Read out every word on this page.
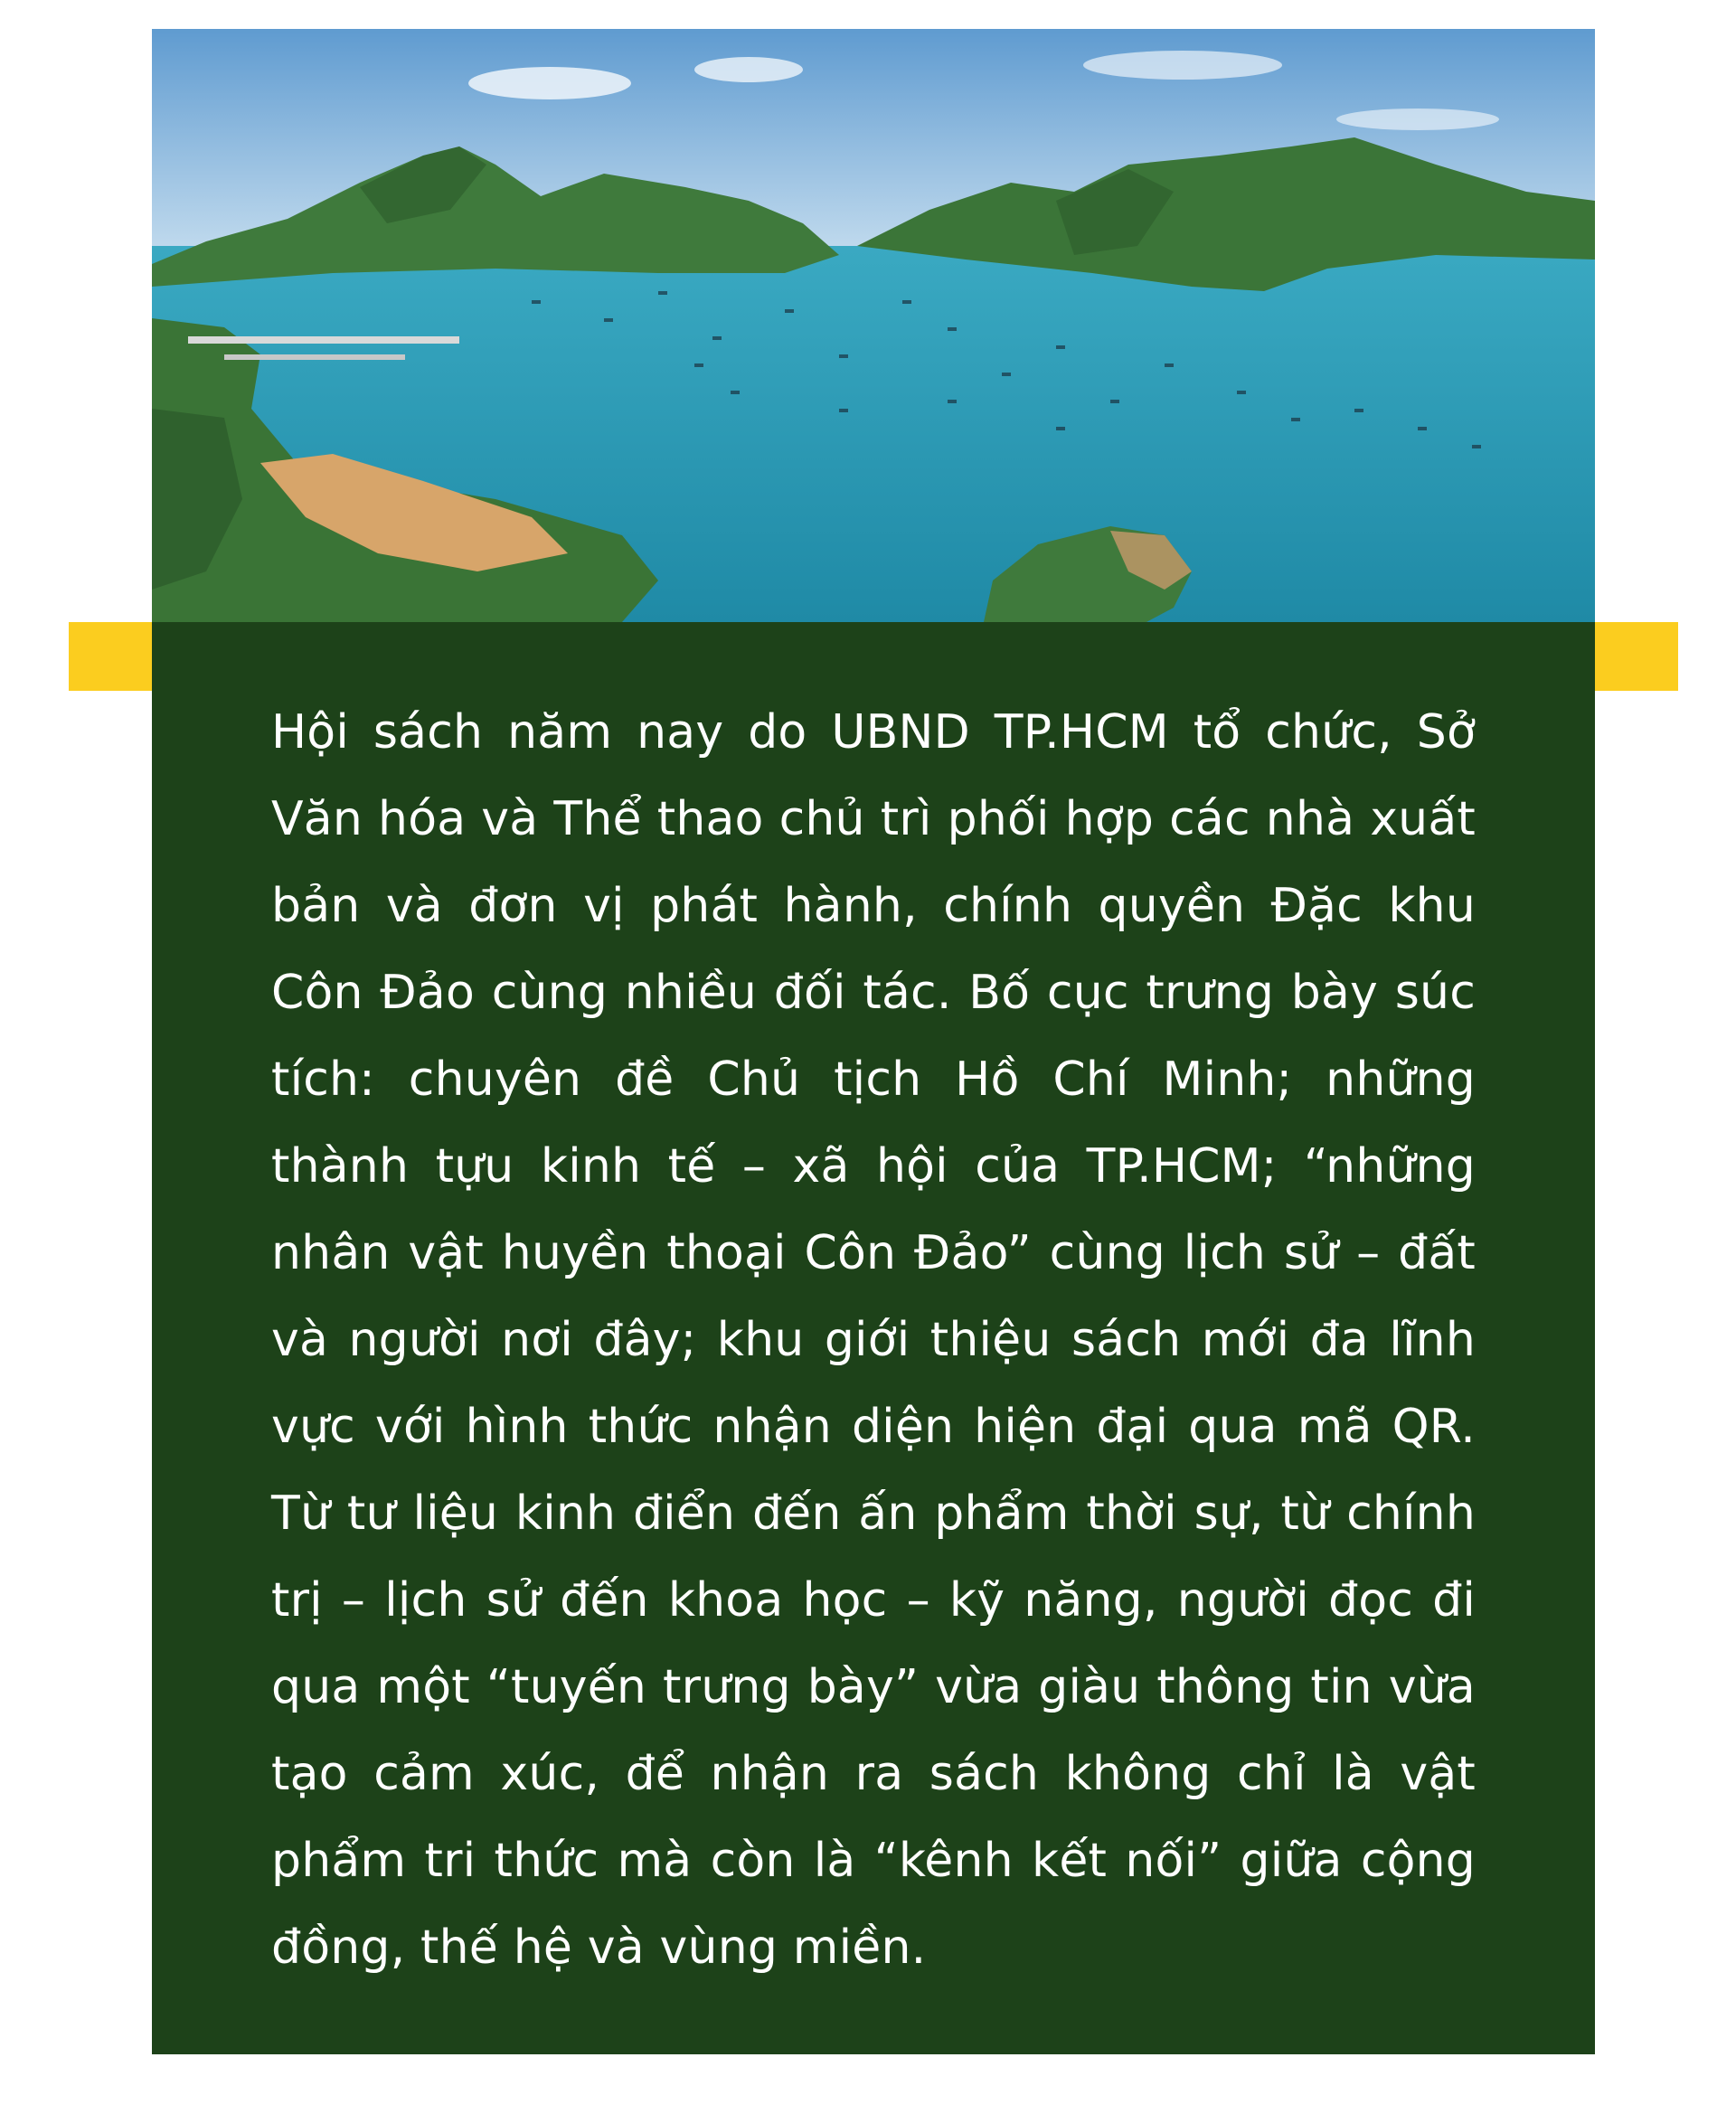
Hội sách năm nay do UBND TP.HCM tổ chức, Sở Văn hóa và Thể thao chủ trì phối hợp các nhà xuất bản và đơn vị phát hành, chính quyền Đặc khu Côn Đảo cùng nhiều đối tác. Bố cục trưng bày súc tích: chuyên đề Chủ tịch Hồ Chí Minh; những thành tựu kinh tế – xã hội của TP.HCM; “những nhân vật huyền thoại Côn Đảo” cùng lịch sử – đất và người nơi đây; khu giới thiệu sách mới đa lĩnh vực với hình thức nhận diện hiện đại qua mã QR. Từ tư liệu kinh điển đến ấn phẩm thời sự, từ chính trị – lịch sử đến khoa học – kỹ năng, người đọc đi qua một “tuyến trưng bày” vừa giàu thông tin vừa tạo cảm xúc, để nhận ra sách không chỉ là vật phẩm tri thức mà còn là “kênh kết nối” giữa cộng đồng, thế hệ và vùng miền.
